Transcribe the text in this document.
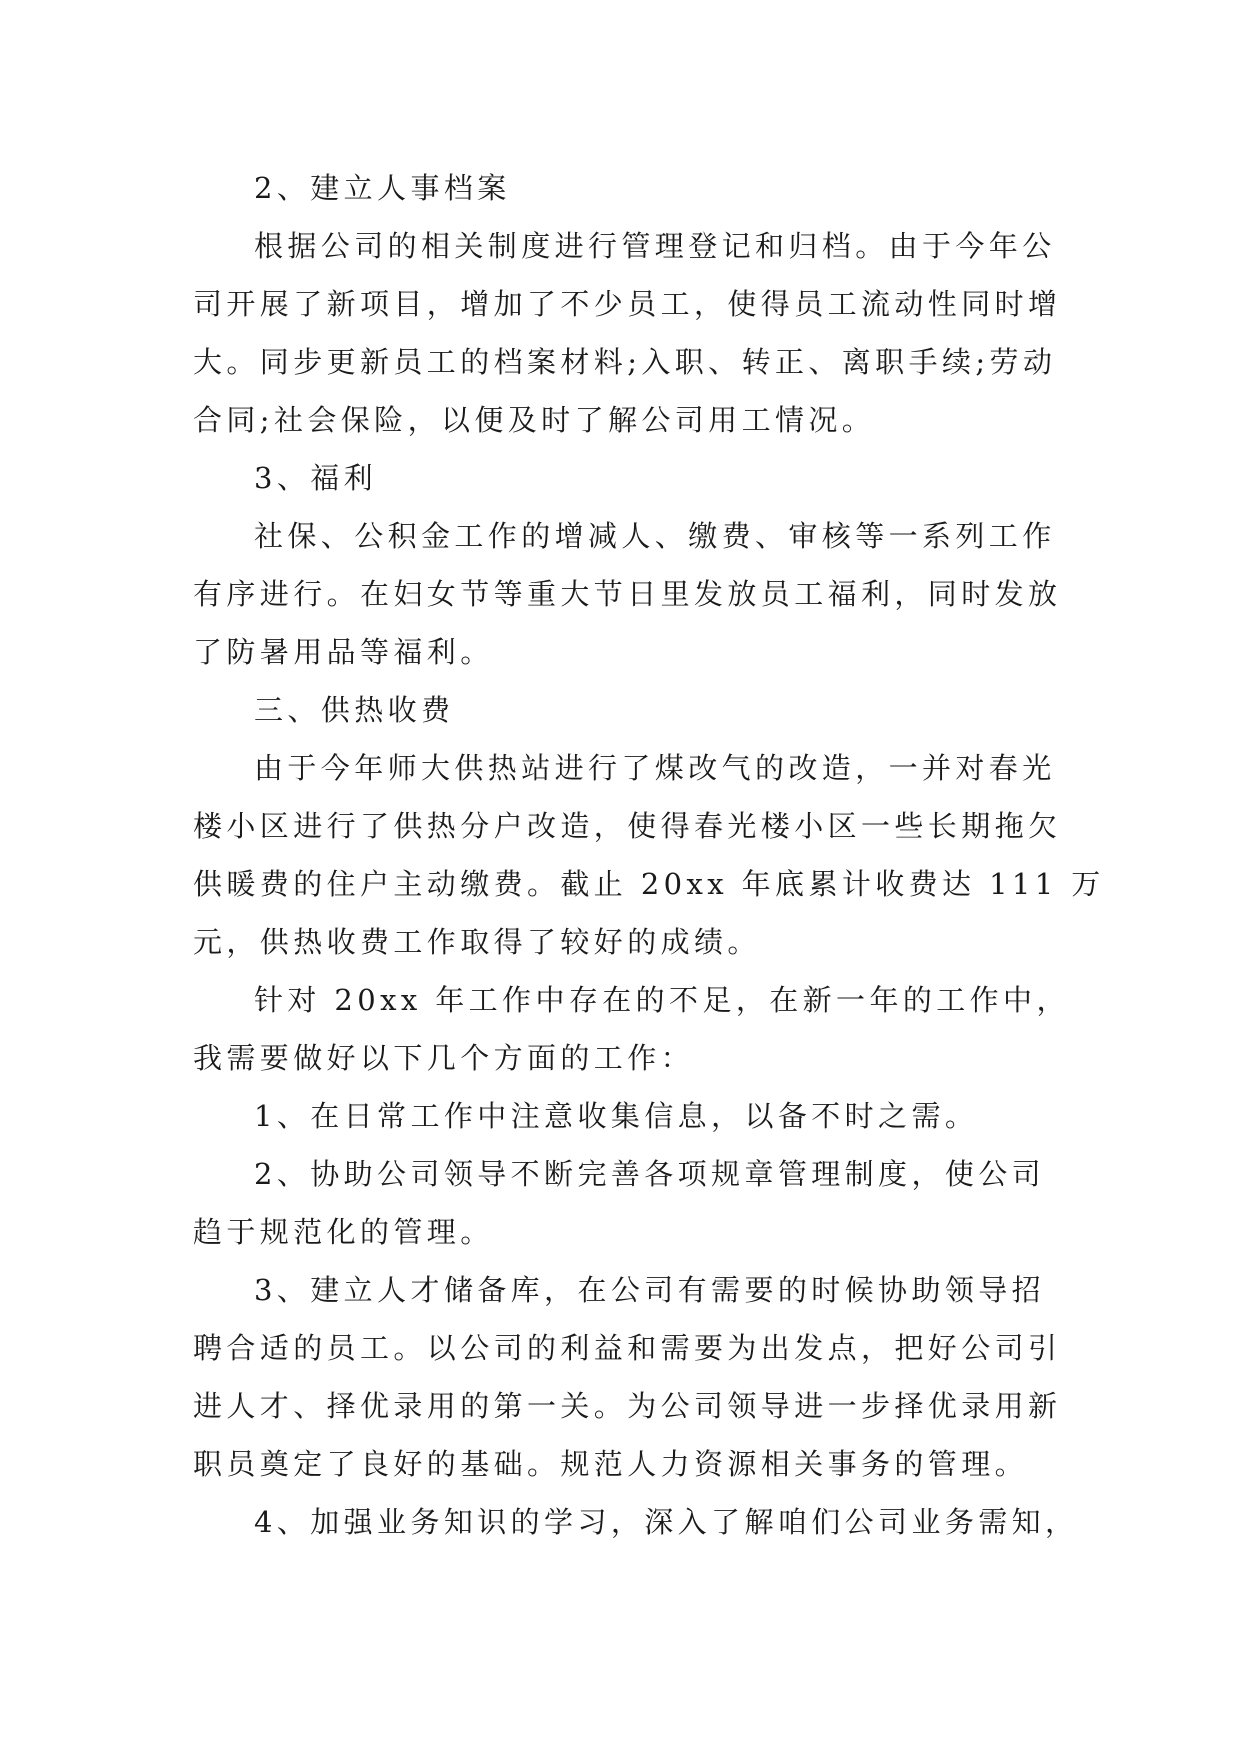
2、建立人事档案
根据公司的相关制度进行管理登记和归档。由于今年公
司开展了新项目，增加了不少员工，使得员工流动性同时增
大。同步更新员工的档案材料;入职、转正、离职手续;劳动
合同;社会保险，以便及时了解公司用工情况。
3、福利
社保、公积金工作的增减人、缴费、审核等一系列工作
有序进行。在妇女节等重大节日里发放员工福利，同时发放
了防暑用品等福利。
三、供热收费
由于今年师大供热站进行了煤改气的改造，一并对春光
楼小区进行了供热分户改造，使得春光楼小区一些长期拖欠
供暖费的住户主动缴费。截止 20xx 年底累计收费达 111 万
元，供热收费工作取得了较好的成绩。
针对 20xx 年工作中存在的不足，在新一年的工作中，
我需要做好以下几个方面的工作：
1、在日常工作中注意收集信息，以备不时之需。
2、协助公司领导不断完善各项规章管理制度，使公司
趋于规范化的管理。
3、建立人才储备库，在公司有需要的时候协助领导招
聘合适的员工。以公司的利益和需要为出发点，把好公司引
进人才、择优录用的第一关。为公司领导进一步择优录用新
职员奠定了良好的基础。规范人力资源相关事务的管理。
4、加强业务知识的学习，深入了解咱们公司业务需知，
